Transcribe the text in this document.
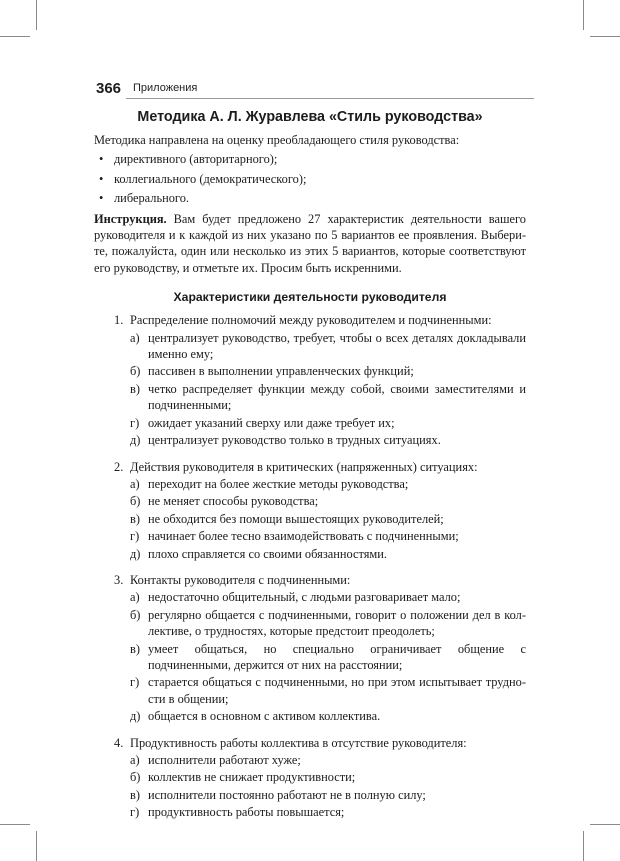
366 Приложения
Методика А. Л. Журавлева «Стиль руководства»

Методика направлена на оценку преобладающего стиля руководства:

• директивного (авторитарного);
• коллегиального (демократического);
• либерального.

Инструкция. Вам будет предложено 27 характеристик деятельности вашего руководителя и к каждой из них указано по 5 вариантов ее проявления. Выберите, пожалуйста, один или несколько из этих 5 вариантов, которые соответствуют его руководству, и отметьте их. Просим быть искренними.

Характеристики деятельности руководителя
1. Распределение полномочий между руководителем и подчиненными:
а) централизует руководство, требует, чтобы о всех деталях докладывали именно ему;
б) пассивен в выполнении управленческих функций;
в) четко распределяет функции между собой, своими заместителями и подчиненными;
г) ожидает указаний сверху или даже требует их;
д) централизует руководство только в трудных ситуациях.
2. Действия руководителя в критических (напряженных) ситуациях:
а) переходит на более жесткие методы руководства;
б) не меняет способы руководства;
в) не обходится без помощи вышестоящих руководителей;
г) начинает более тесно взаимодействовать с подчиненными;
д) плохо справляется со своими обязанностями.
3. Контакты руководителя с подчиненными:
а) недостаточно общительный, с людьми разговаривает мало;
б) регулярно общается с подчиненными, говорит о положении дел в коллективе, о трудностях, которые предстоит преодолеть;
в) умеет общаться, но специально ограничивает общение с подчиненными, держится от них на расстоянии;
г) старается общаться с подчиненными, но при этом испытывает трудности в общении;
д) общается в основном с активом коллектива.
4. Продуктивность работы коллектива в отсутствие руководителя:
а) исполнители работают хуже;
б) коллектив не снижает продуктивности;
в) исполнители постоянно работают не в полную силу;
г) продуктивность работы повышается;
